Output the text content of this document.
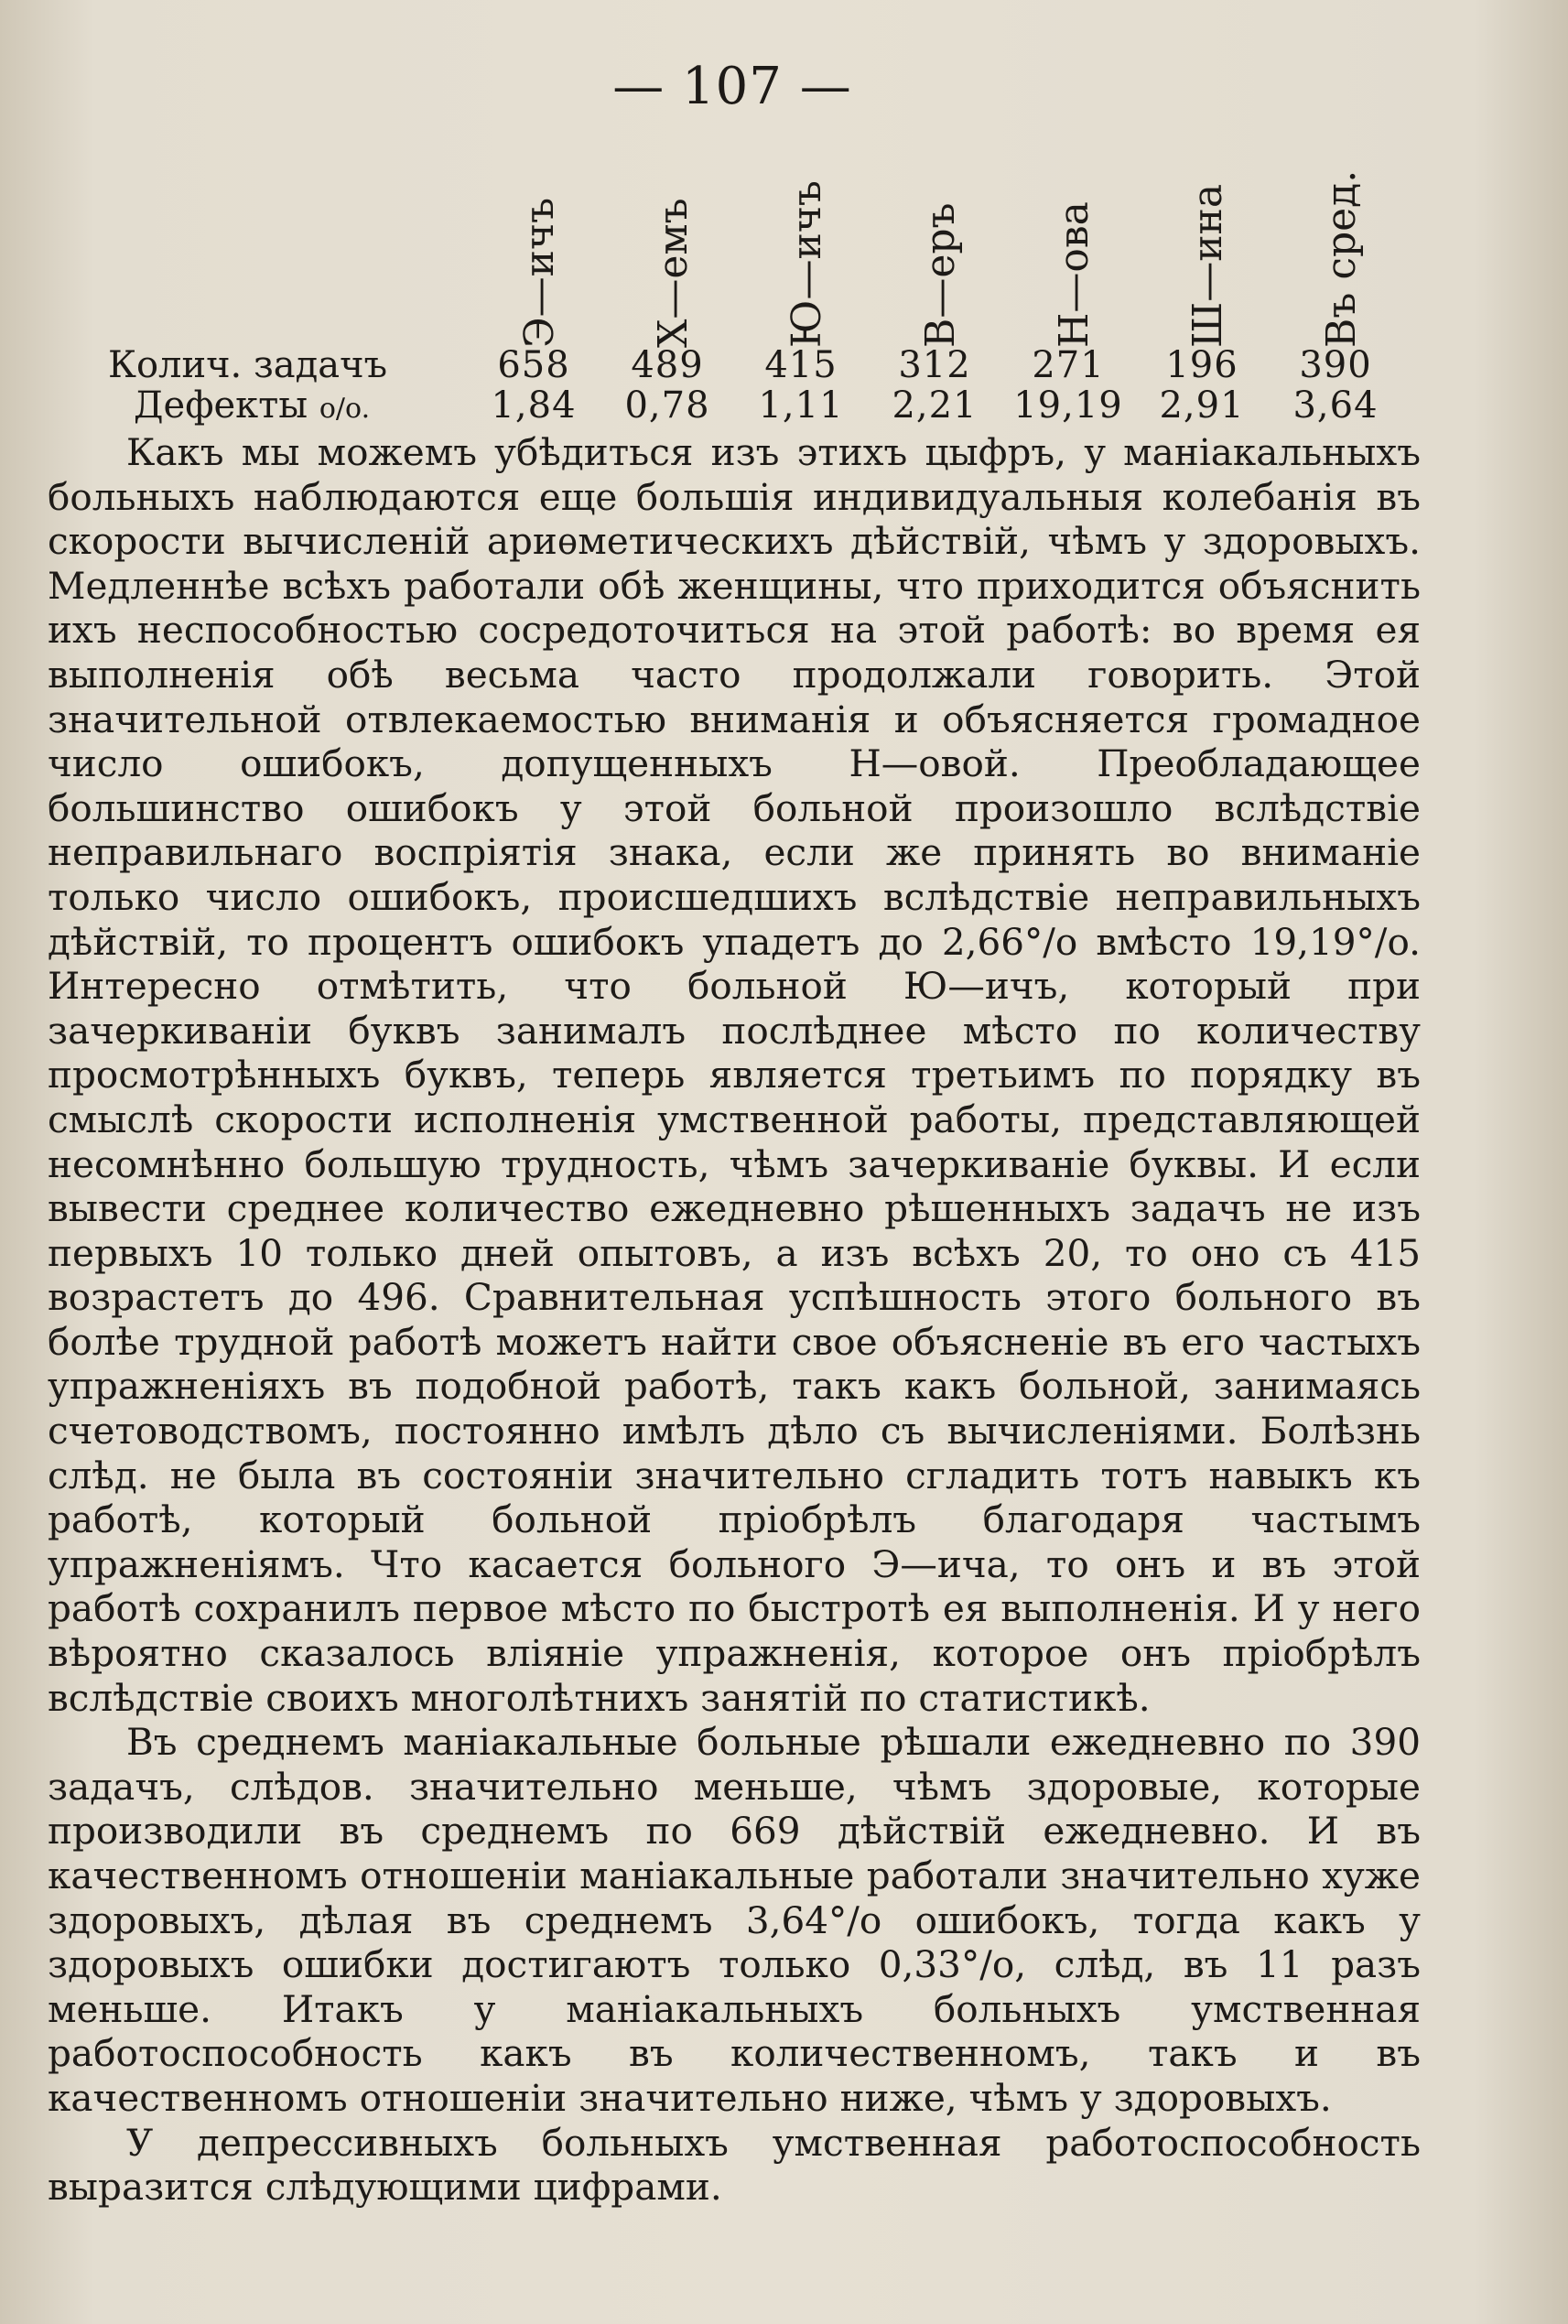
— 107 —
Э—ичъ Х—емъ Ю—ичъ В—еръ Н—ова Ш—ина Въ сред.
Колич. задачъ	658	489	415	312	271	196	390
Дефекты o/o.	1,84	0,78	1,11	2,21 19,19 2,91	3,64

Какъ мы можемъ убѣдиться изъ этихъ цыфръ, у маніакальныхъ больныхъ наблюдаются еще большія индивидуальныя колебанія въ скорости вычисленій ариѳметическихъ дѣйствій, чѣмъ у здоровыхъ. Медленнѣе всѣхъ работали обѣ женщины, что приходится объяснить ихъ неспособностью сосредоточиться на этой работѣ: во время ея выполненія обѣ весьма часто продолжали говорить. Этой значительной отвлекаемостью вниманія и объясняется громадное число ошибокъ, допущенныхъ Н—овой. Преобладающее большинство ошибокъ у этой больной произошло вслѣдствіе неправильнаго воспріятія знака, если же принять во вниманіе только число ошибокъ, происшедшихъ вслѣдствіе неправильныхъ дѣйствій, то процентъ ошибокъ упадетъ до 2,66°/o вмѣсто 19,19°/o. Интересно отмѣтить, что больной Ю—ичъ, который при зачеркиваніи буквъ занималъ послѣднее мѣсто по количеству просмотрѣнныхъ буквъ, теперь является третьимъ по порядку въ смыслѣ скорости исполненія умственной работы, представляющей несомнѣнно большую трудность, чѣмъ зачеркиваніе буквы. И если вывести среднее количество ежедневно рѣшенныхъ задачъ не изъ первыхъ 10 только дней опытовъ, а изъ всѣхъ 20, то оно съ 415 возрастетъ до 496. Сравнительная успѣшность этого больного въ болѣе трудной работѣ можетъ найти свое объясненіе въ его частыхъ упражненіяхъ въ подобной работѣ, такъ какъ больной, занимаясь счетоводствомъ, постоянно имѣлъ дѣло съ вычисленіями. Болѣзнь слѣд. не была въ состояніи значительно сгладить тотъ навыкъ къ работѣ, который больной пріобрѣлъ благодаря частымъ упражненіямъ. Что касается больного Э—ича, то онъ и въ этой работѣ сохранилъ первое мѣсто по быстротѣ ея выполненія. И у него вѣроятно сказалось вліяніе упражненія, которое онъ пріобрѣлъ вслѣдствіе своихъ многолѣтнихъ занятій по статистикѣ.

Въ среднемъ маніакальные больные рѣшали ежедневно по 390 задачъ, слѣдов. значительно меньше, чѣмъ здоровые, которые производили въ среднемъ по 669 дѣйствій ежедневно. И въ качественномъ отношеніи маніакальные работали значительно хуже здоровыхъ, дѣлая въ среднемъ 3,64°/o ошибокъ, тогда какъ у здоровыхъ ошибки достигаютъ только 0,33°/o, слѣд, въ 11 разъ меньше. Итакъ у маніакальныхъ больныхъ умственная работоспособность какъ въ количественномъ, такъ и въ качественномъ отношеніи значительно ниже, чѣмъ у здоровыхъ.

У депрессивныхъ больныхъ умственная работоспособность выразится слѣдующими цифрами.
